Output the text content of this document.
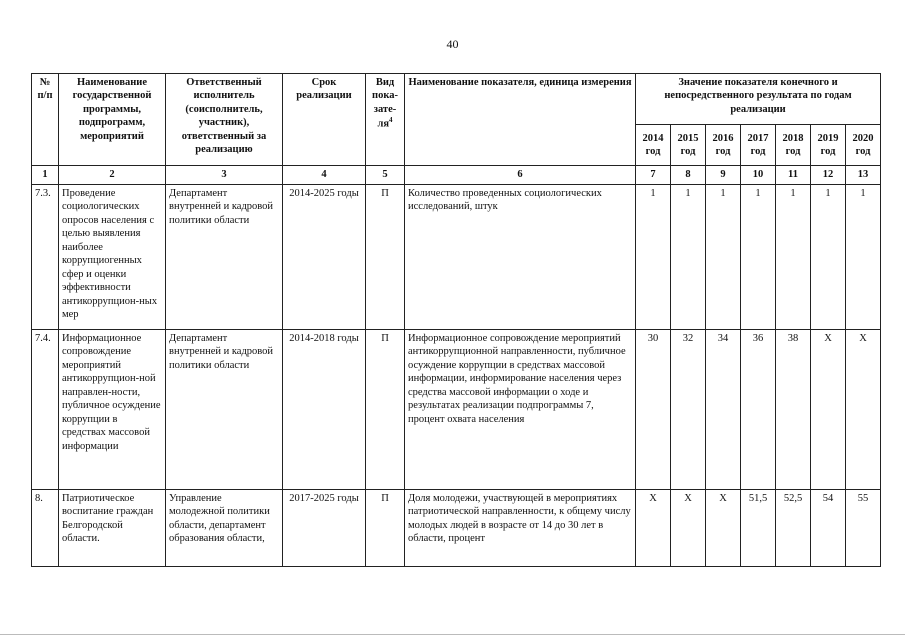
40
№ п/п	Наименование государственной программы, подпрограмм, мероприятий	Ответственный исполнитель (соисполнитель, участник), ответственный за реализацию	Срок реализации	Вид пока-$зате-ля^4$	Наименование показателя, единица измерения	Значение показателя конечного и непосредственного результата по годам реализации						
						2014 год	2015 год	2016 год	2017 год	2018 год	2019 год	2020 год
1	2	3	4	5	6	7	8	9	10	11	12	13
7.3.	Проведение социологических опросов населения с целью выявления наиболее коррупциогенных сфер и оценки эффективности антикоррупцион-ных мер	Департамент внутренней и кадровой политики области	2014-2025 годы	П	Количество проведенных социологических исследований, штук	1	1	1	1	1	1	1
7.4.	Информационное сопровождение мероприятий антикоррупцион-ной направлен-ности, публичное осуждение коррупции в средствах массовой информации	Департамент внутренней и кадровой политики области	2014-2018 годы	П	Информационное сопровождение мероприятий антикоррупционной направленности, публичное осуждение коррупции в средствах массовой информации, информирование населения через средства массовой информации о ходе и результатах реализации подпрограммы 7, процент охвата населения	30	32	34	36	38	Х	Х
8.	Патриотическое воспитание граждан Белгородской области.	Управление молодежной политики области, департамент образования области,	2017-2025 годы	П	Доля молодежи, участвующей в мероприятиях патриотической направленности, к общему числу молодых людей в возрасте от 14 до 30 лет в области, процент	Х	Х	Х	51,5	52,5	54	55
